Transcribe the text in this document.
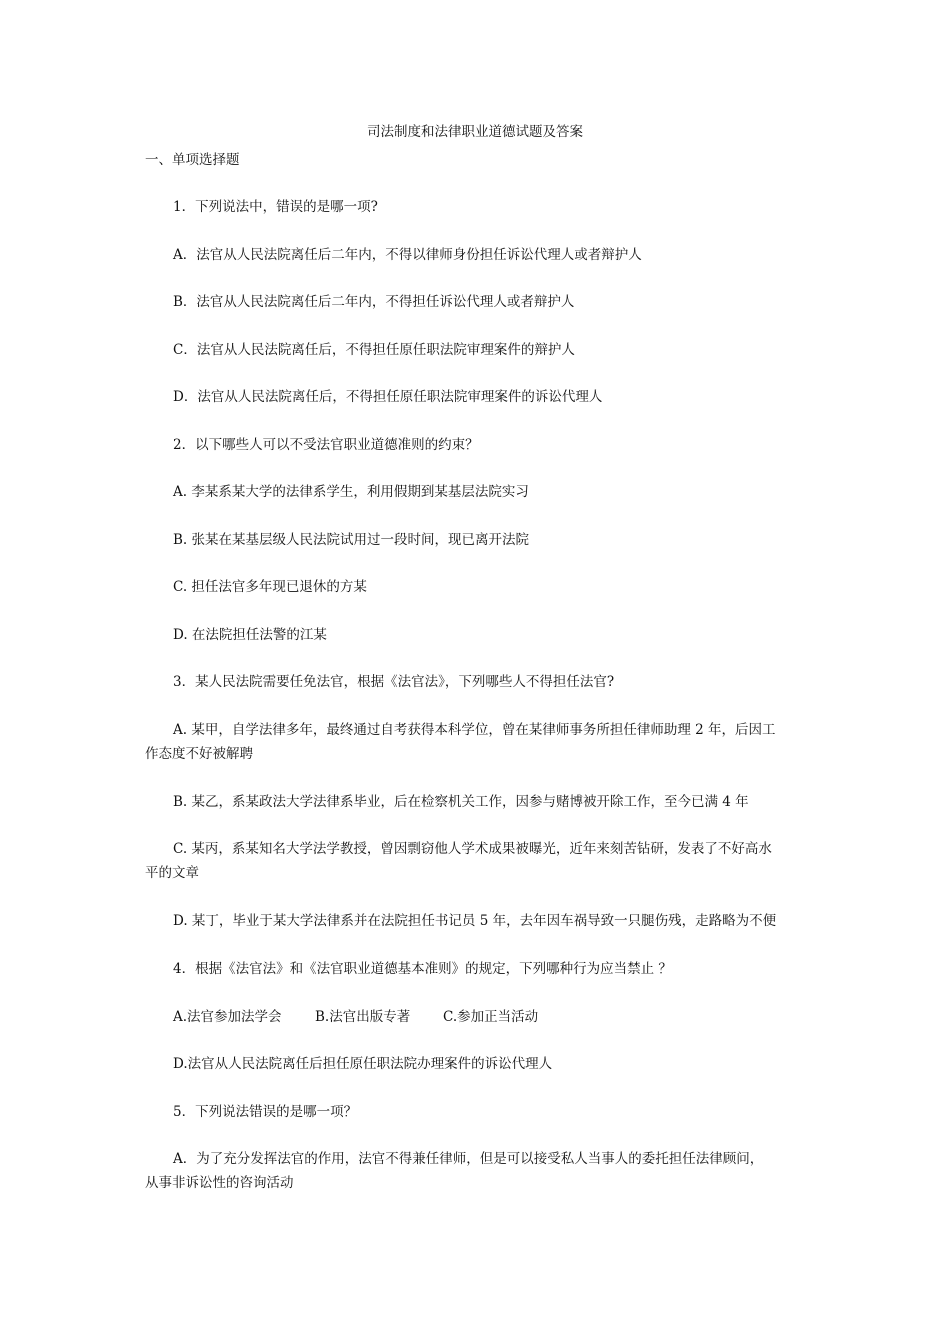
司法制度和法律职业道德试题及答案
一、单项选择题
1．下列说法中，错误的是哪一项?
A．法官从人民法院离任后二年内，不得以律师身份担任诉讼代理人或者辩护人
B．法官从人民法院离任后二年内，不得担任诉讼代理人或者辩护人
C．法官从人民法院离任后，不得担任原任职法院审理案件的辩护人
D．法官从人民法院离任后，不得担任原任职法院审理案件的诉讼代理人
2．以下哪些人可以不受法官职业道德准则的约束？
A. 李某系某大学的法律系学生，利用假期到某基层法院实习
B. 张某在某基层级人民法院试用过一段时间，现已离开法院
C. 担任法官多年现已退休的方某
D. 在法院担任法警的江某
3．某人民法院需要任免法官，根据《法官法》，下列哪些人不得担任法官?
A. 某甲，自学法律多年，最终通过自考获得本科学位，曾在某律师事务所担任律师助理 2 年，后因工
作态度不好被解聘
B. 某乙，系某政法大学法律系毕业，后在检察机关工作，因参与赌博被开除工作，至今已满 4 年
C. 某丙，系某知名大学法学教授，曾因剽窃他人学术成果被曝光，近年来刻苦钻研，发表了不好高水
平的文章
D. 某丁，毕业于某大学法律系并在法院担任书记员 5 年，去年因车祸导致一只腿伤残，走路略为不便
4．根据《法官法》和《法官职业道德基本准则》的规定，下列哪种行为应当禁止 ？
A.法官参加法学会 B.法官出版专著 C.参加正当活动
D.法官从人民法院离任后担任原任职法院办理案件的诉讼代理人
5．下列说法错误的是哪一项？
A．为了充分发挥法官的作用，法官不得兼任律师，但是可以接受私人当事人的委托担任法律顾问，
从事非诉讼性的咨询活动
